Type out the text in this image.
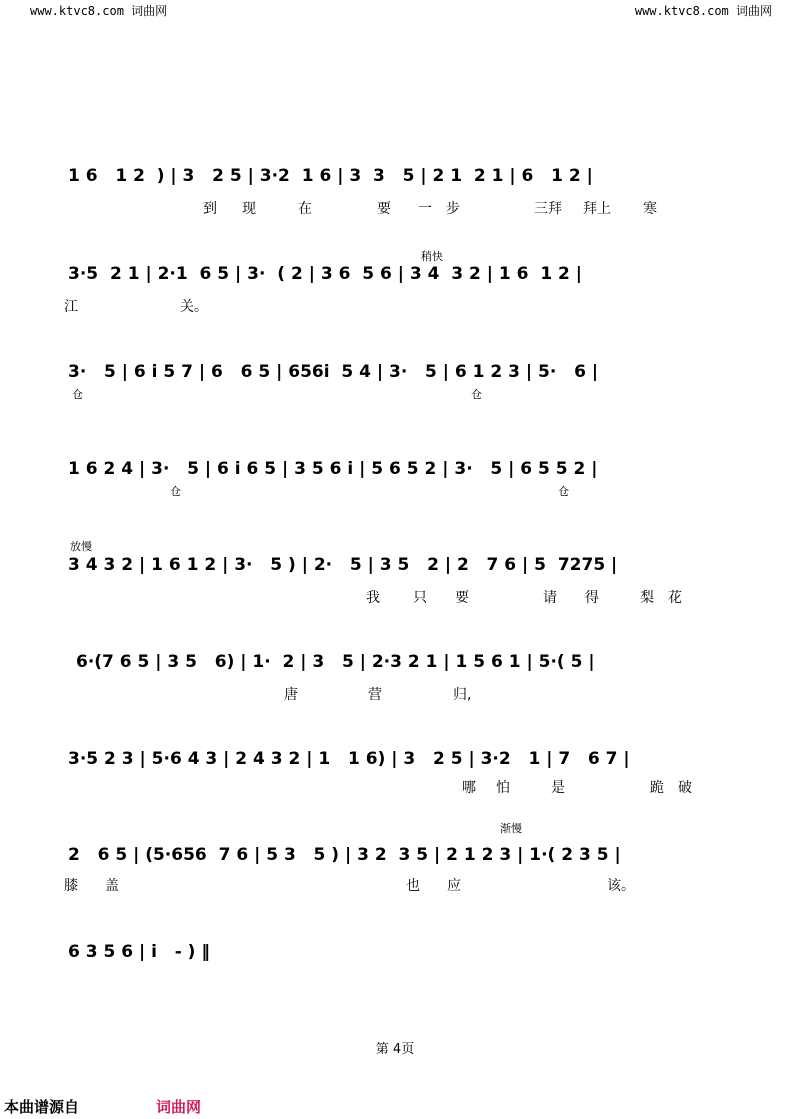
www.ktvc8.com 词曲网	www.ktvc8.com 词曲网
1 6   1 2  ) | 3   2 5 | 3·2  1 6 | 3  3   5 | 2 1  2 1 | 6   1 2 |
到 现	在	要 一 步	三拜 拜上 寒
稍快
3·5  2 1 | 2·1  6 5 | 3·  ( 2 | 3 6  5 6 | 3 4  3 2 | 1 6  1 2 |
江	关。
3·   5 | 6 i 5 7 | 6   6 5 | 656i  5 4 | 3·   5 | 6 1 2 3 | 5·   6 |
仓	仓
1 6 2 4 | 3·   5 | 6 i 6 5 | 3 5 6 i | 5 6 5 2 | 3·   5 | 6 5 5 2 |
仓	仓
放慢
3 4 3 2 | 1 6 1 2 | 3·   5 ) | 2·   5 | 3 5   2 | 2   7 6 | 5  7275 |
我 只 要	请 得	梨 花
6·(7 6 5 | 3 5   6) | 1·  2 | 3   5 | 2·3 2 1 | 1 5 6 1 | 5·( 5 |
唐	营	归,
3·5 2 3 | 5·6 4 3 | 2 4 3 2 | 1   1 6) | 3   2 5 | 3·2   1 | 7   6 7 |
哪 怕	是	跪 破
渐慢
2   6 5 | (5·656  7 6 | 5 3   5 ) | 3 2  3 5 | 2 1 2 3 | 1·( 2 3 5 |
膝 盖	也 应	该。
6 3 5 6 | i   - ) ‖
第 4页
本曲谱源自	词曲网
